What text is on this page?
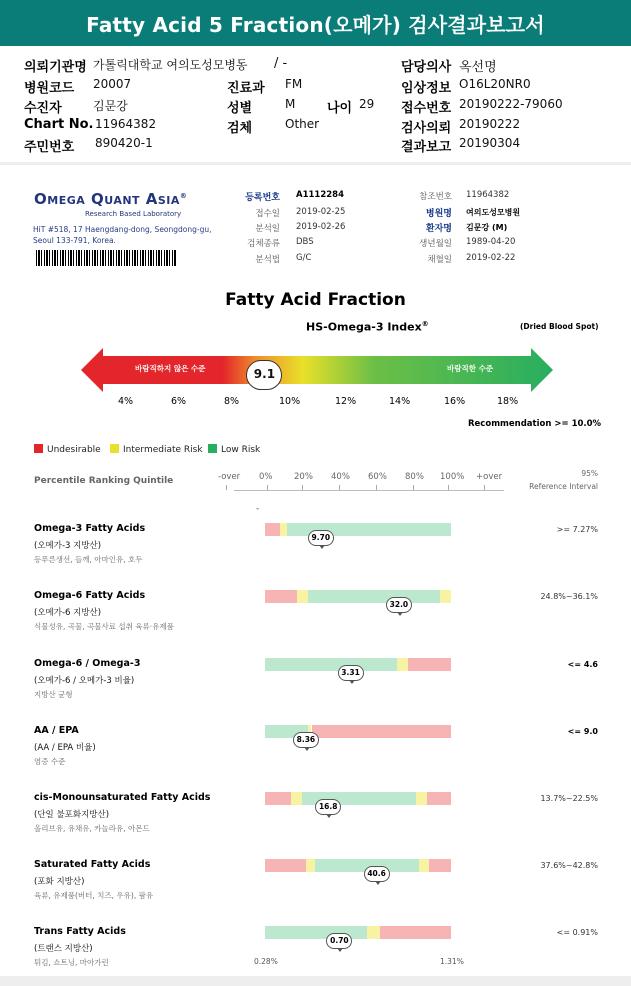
Fatty Acid 5 Fraction(오메가) 검사결과보고서
의뢰기관명 가톨릭대학교 여의도성모병동 / -	담당의사 옥선명
병원코드 20007	진료과 FM	임상정보 O16L20NR0
수진자	김문강	성별	M 나이 29 접수번호 20190222-79060
Chart No. 11964382	검체	Other	검사의뢰 20190222
주민번호 890420-1	결과보고 20190304
Omega Quant Asia®
Research Based Laboratory
HiT #518, 17 Haengdang-dong, Seongdong-gu,
Seoul 133-791, Korea.
등록번호 A1112284
접수일 2019-02-25
분석일 2019-02-26
검체종류 DBS
분석법 G/C
참조번호 11964382
병원명 여의도성모병원
환자명 김문강 (M)
생년월일 1989-04-20
채혈일 2019-02-22
Fatty Acid Fraction
HS-Omega-3 Index®	(Dried Blood Spot)
바람직하지 않은 수준	바람직한 수준
9.1
4%	6%	8%	10%	12%	14%	16%	18%
Recommendation >= 10.0%
Undesirable	Intermediate Risk	Low Risk
Percentile Ranking Quintile	-over 0%	20% 40% 60% 80% 100% +over	95%
Reference Interval
-
Omega-3 Fatty Acids
(오메가-3 지방산)
등푸른생선, 들깨, 아마인유, 호두
>= 7.27%
9.70
Omega-6 Fatty Acids
(오메가-6 지방산)
식물성유, 곡물, 곡물사료 섭취 육류·유제품
24.8%~36.1%
32.0
Omega-6 / Omega-3
(오메가-6 / 오메가-3 비율)
지방산 균형
<= 4.6
3.31
AA / EPA
(AA / EPA 비율)
염증 수준
<= 9.0
8.36
cis-Monounsaturated Fatty Acids
(단일 불포화지방산)
올리브유, 유채유, 카놀라유, 아몬드
13.7%~22.5%
16.8
Saturated Fatty Acids
(포화 지방산)
육류, 유제품(버터, 치즈, 우유), 팜유
37.6%~42.8%
40.6
Trans Fatty Acids
(트랜스 지방산)
튀김, 쇼트닝, 마아가린
<= 0.91%
0.70
0.28%	1.31%
